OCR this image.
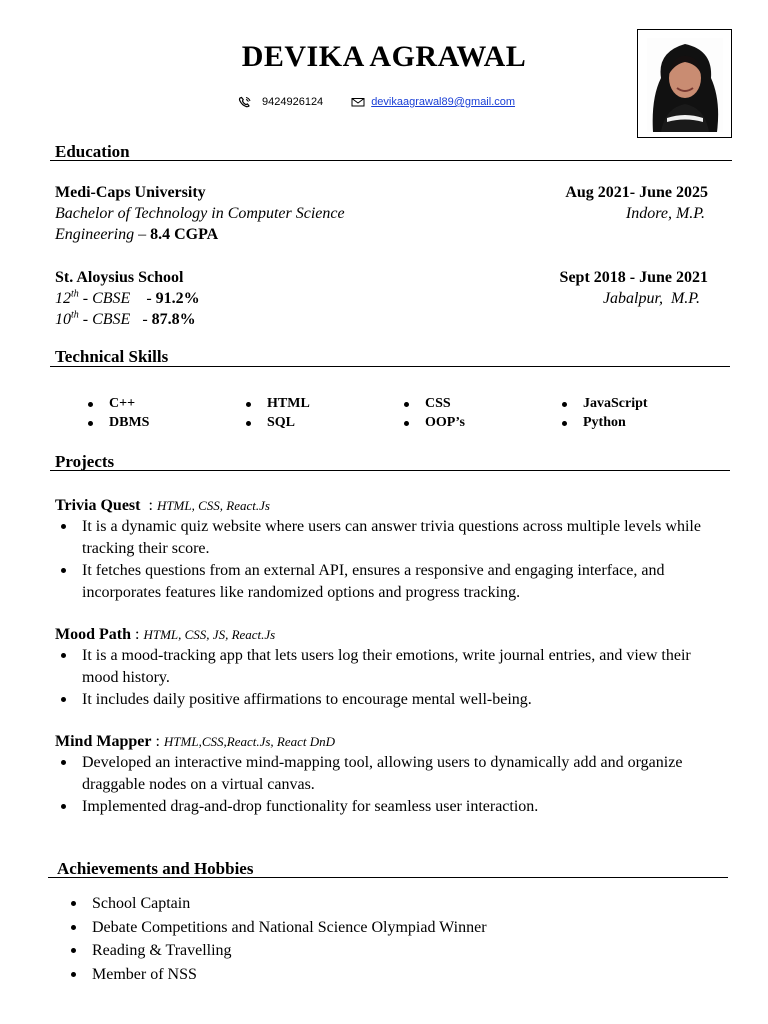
DEVIKA AGRAWAL
9424926124	devikaagrawal89@gmail.com
Education
Medi-Caps University	Aug 2021- June 2025
Bachelor of Technology in Computer Science	Indore, M.P.
Engineering – 8.4 CGPA
St. Aloysius School	Sept 2018 - June 2021
12th - CBSE    - 91.2%	Jabalpur,  M.P.
10th - CBSE   - 87.8%
Technical Skills
C++	HTML	CSS	JavaScript
DBMS	SQL	OOP’s	Python
Projects
Trivia Quest  : HTML, CSS, React.Js
It is a dynamic quiz website where users can answer trivia questions across multiple levels while tracking their score.
It fetches questions from an external API, ensures a responsive and engaging interface, and incorporates features like randomized options and progress tracking.
Mood Path : HTML, CSS, JS, React.Js
It is a mood-tracking app that lets users log their emotions, write journal entries, and view their mood history.
It includes daily positive affirmations to encourage mental well-being.
Mind Mapper : HTML,CSS,React.Js, React DnD
Developed an interactive mind-mapping tool, allowing users to dynamically add and organize draggable nodes on a virtual canvas.
Implemented drag-and-drop functionality for seamless user interaction.
Achievements and Hobbies
School Captain
Debate Competitions and National Science Olympiad Winner
Reading & Travelling
Member of NSS
